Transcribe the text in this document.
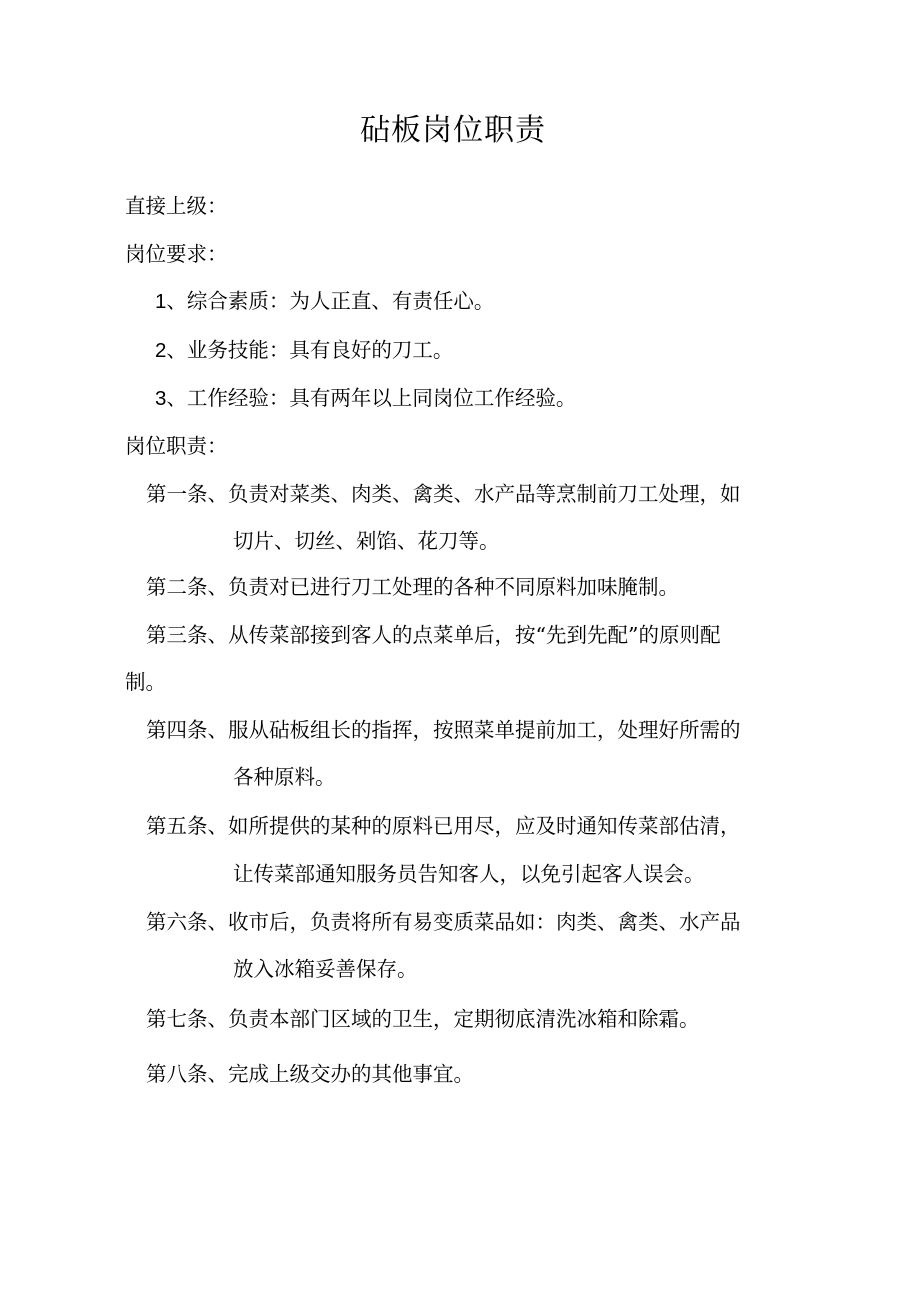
砧板岗位职责
直接上级：
岗位要求：
1、综合素质：为人正直、有责任心。
2、业务技能：具有良好的刀工。
3、工作经验：具有两年以上同岗位工作经验。
岗位职责：
第一条、负责对菜类、肉类、禽类、水产品等烹制前刀工处理，如
切片、切丝、剁馅、花刀等。
第二条、负责对已进行刀工处理的各种不同原料加味腌制。
第三条、从传菜部接到客人的点菜单后，按“先到先配”的原则配
制。
第四条、服从砧板组长的指挥，按照菜单提前加工，处理好所需的
各种原料。
第五条、如所提供的某种的原料已用尽，应及时通知传菜部估清，
让传菜部通知服务员告知客人，以免引起客人误会。
第六条、收市后，负责将所有易变质菜品如：肉类、禽类、水产品
放入冰箱妥善保存。
第七条、负责本部门区域的卫生，定期彻底清洗冰箱和除霜。
第八条、完成上级交办的其他事宜。
